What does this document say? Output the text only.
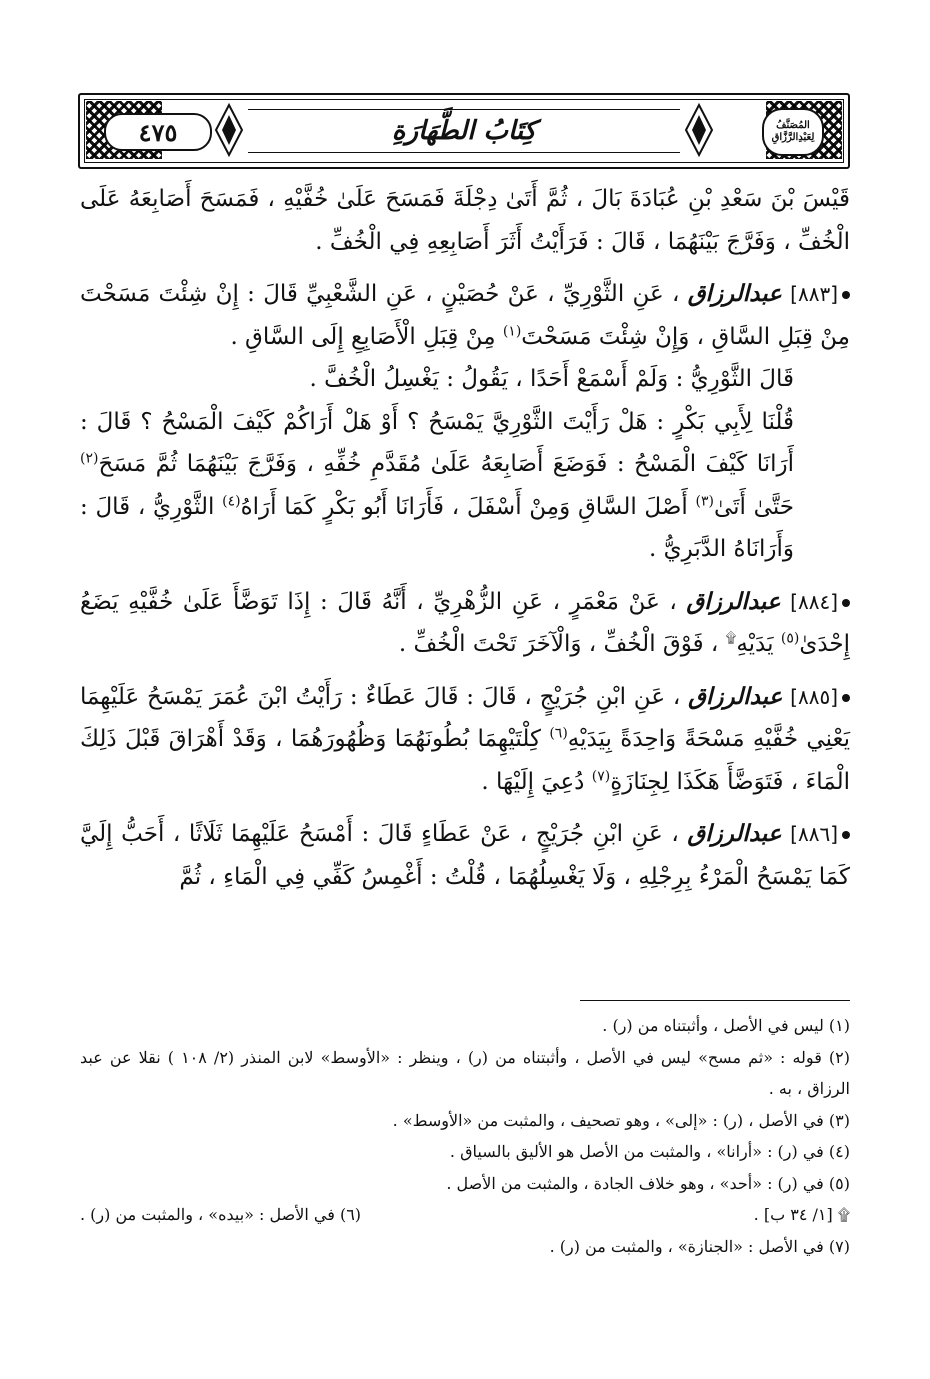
٤٧٥	كِتَابُ الطَّهَارَةِ	المُصَنَّفُ
لِعَبْدِالرَّزَّاقِ

قَيْسَ بْنَ سَعْدِ بْنِ عُبَادَةَ بَالَ ، ثُمَّ أَتَىٰ دِجْلَةَ فَمَسَحَ عَلَىٰ خُفَّيْهِ ، فَمَسَحَ أَصَابِعَهُ عَلَى الْخُفِّ ، وَفَرَّجَ بَيْنَهُمَا ، قَالَ : فَرَأَيْتُ أَثَرَ أَصَابِعِهِ فِي الْخُفِّ .

[٨٨٣] عبدالرزاق ، عَنِ الثَّوْرِيِّ ، عَنْ حُصَيْنٍ ، عَنِ الشَّعْبِيِّ قَالَ : إِنْ شِئْتَ مَسَحْتَ مِنْ قِبَلِ السَّاقِ ، وَإِنْ شِئْتَ مَسَحْتَ$^{(١)}$ مِنْ قِبَلِ الْأَصَابِعِ إِلَى السَّاقِ .

قَالَ الثَّوْرِيُّ : وَلَمْ أَسْمَعْ أَحَدًا ، يَقُولُ : يَغْسِلُ الْخُفَّ .

قُلْنَا لِأَبِي بَكْرٍ : هَلْ رَأَيْتَ الثَّوْرِيَّ يَمْسَحُ ؟ أَوْ هَلْ أَرَاكُمْ كَيْفَ الْمَسْحُ ؟ قَالَ : أَرَانَا كَيْفَ الْمَسْحُ : فَوَضَعَ أَصَابِعَهُ عَلَىٰ مُقَدَّمِ خُفِّهِ ، وَفَرَّجَ بَيْنَهُمَا ثُمَّ مَسَحَ$^{(٢)}$ حَتَّىٰ أَتَىٰ$^{(٣)}$ أَصْلَ السَّاقِ وَمِنْ أَسْفَلَ ، فَأَرَانَا أَبُو بَكْرٍ كَمَا أَرَاهُ$^{(٤)}$ الثَّوْرِيُّ ، قَالَ : وَأَرَانَاهُ الدَّبَرِيُّ .

[٨٨٤] عبدالرزاق ، عَنْ مَعْمَرٍ ، عَنِ الزُّهْرِيِّ ، أَنَّهُ قَالَ : إِذَا تَوَضَّأَ عَلَىٰ خُفَّيْهِ يَضَعُ إِحْدَىٰ$^{(٥)}$ يَدَيْهِ۩ ، فَوْقَ الْخُفِّ ، وَالْآخَرَ تَحْتَ الْخُفِّ .

[٨٨٥] عبدالرزاق ، عَنِ ابْنِ جُرَيْجٍ ، قَالَ : قَالَ عَطَاءٌ : رَأَيْتُ ابْنَ عُمَرَ يَمْسَحُ عَلَيْهِمَا يَعْنِي خُفَّيْهِ مَسْحَةً وَاحِدَةً بِيَدَيْهِ$^{(٦)}$ كِلْتَيْهِمَا بُطُونَهُمَا وَظُهُورَهُمَا ، وَقَدْ أَهْرَاقَ قَبْلَ ذَلِكَ الْمَاءَ ، فَتَوَضَّأَ هَكَذَا لِجِنَازَةٍ$^{(٧)}$ دُعِيَ إِلَيْهَا .

[٨٨٦] عبدالرزاق ، عَنِ ابْنِ جُرَيْجٍ ، عَنْ عَطَاءٍ قَالَ : أَمْسَحُ عَلَيْهِمَا ثَلَاثًا ، أَحَبُّ إِلَيَّ كَمَا يَمْسَحُ الْمَرْءُ بِرِجْلِهِ ، وَلَا يَغْسِلُهُمَا ، قُلْتُ : أَغْمِسُ كَفِّي فِي الْمَاءِ ، ثُمَّ

(١) ليس في الأصل ، وأثبتناه من (ر) .

(٢) قوله : «ثم مسح» ليس في الأصل ، وأثبتناه من (ر) ، وينظر : «الأوسط» لابن المنذر (٢/ ١٠٨ ) نقلا عن عبد الرزاق ، به .

(٣) في الأصل ، (ر) : «إلى» ، وهو تصحيف ، والمثبت من «الأوسط» .

(٤) في (ر) : «أرانا» ، والمثبت من الأصل هو الأليق بالسياق .

(٥) في (ر) : «أحد» ، وهو خلاف الجادة ، والمثبت من الأصل .

۩ [١/ ٣٤ ب] .
(٦) في الأصل : «بيده» ، والمثبت من (ر) .

(٧) في الأصل : «الجنازة» ، والمثبت من (ر) .
